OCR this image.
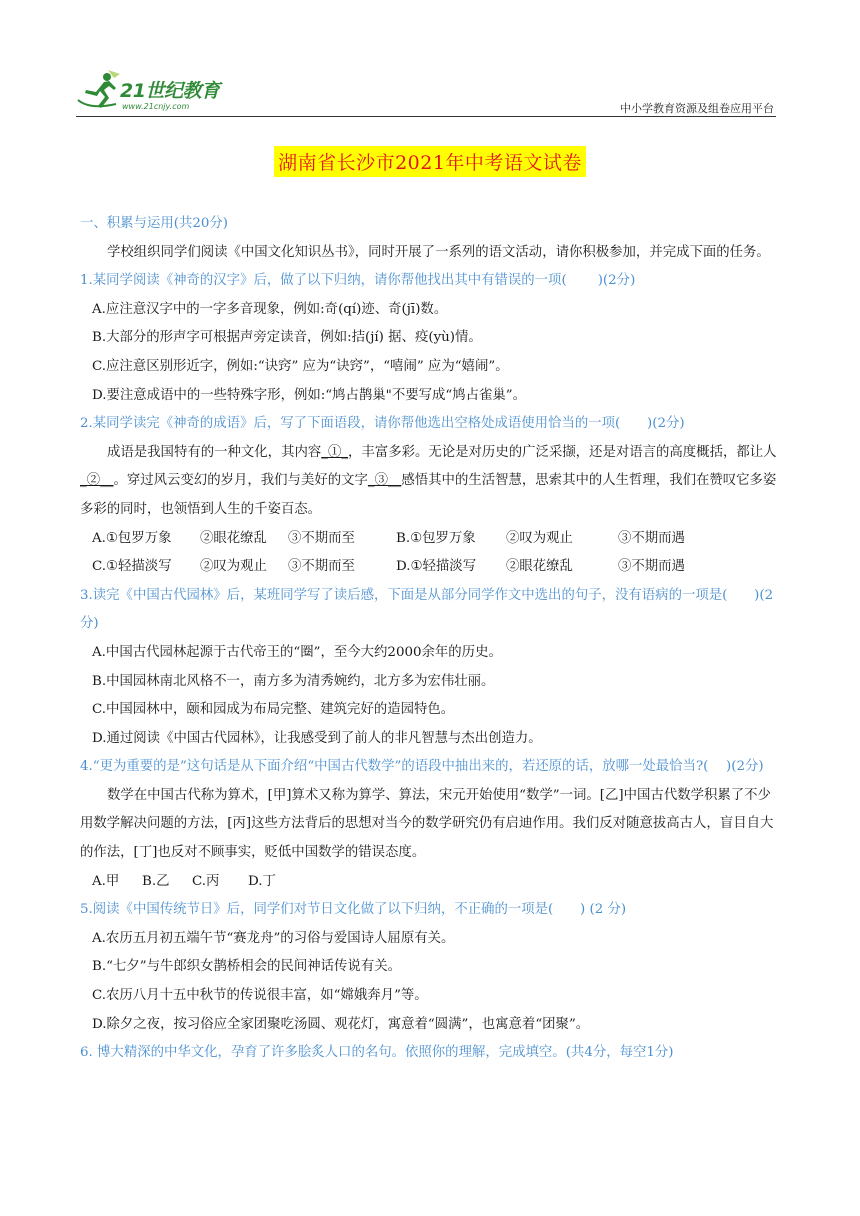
21世纪教育
www.21cnjy.com	中小学教育资源及组卷应用平台
湖南省长沙市2021年中考语文试卷

一、积累与运用(共20分)

学校组织同学们阅读《中国文化知识丛书》，同时开展了一系列的语文活动，请你积极参加，并完成下面的任务。

1.某同学阅读《神奇的汉字》后，做了以下归纳，请你帮他找出其中有错误的一项(　　 )(2分)

A.应注意汉字中的一字多音现象，例如:奇(qí)迹、奇(jī)数。

B.大部分的形声字可根据声旁定读音，例如:拮(jí) 据、疫(yù)情。

C.应注意区别形近字，例如:“诀窍” 应为“诀窍”，“嘻闹” 应为“嬉闹”。

D.要注意成语中的一些特殊字形，例如:“鸠占鹊巢"不要写成“鸠占雀巢”。

2.某同学读完《神奇的成语》后，写了下面语段，请你帮他选出空格处成语使用恰当的一项(　　)(2分)

成语是我国特有的一种文化，其内容_①_，丰富多彩。无论是对历史的广泛采撷，还是对语言的高度概括，都让人_②__。穿过风云变幻的岁月，我们与美好的文字_③__感悟其中的生活智慧，思索其中的人生哲理，我们在赞叹它多姿多彩的同时，也领悟到人生的千姿百态。

A.①包罗万象	②眼花缭乱	③不期而至	B.①包罗万象	②叹为观止	③不期而遇
C.①轻描淡写	②叹为观止	③不期而至	D.①轻描淡写	②眼花缭乱	③不期而遇

3.读完《中国古代园林》后，某班同学写了读后感，下面是从部分同学作文中选出的句子，没有语病的一项是(　　)(2分)

A.中国古代园林起源于古代帝王的“圈”，至今大约2000余年的历史。

B.中国园林南北风格不一，南方多为清秀婉约，北方多为宏伟壮丽。

C.中国园林中，颐和园成为布局完整、建筑完好的造园特色。

D.通过阅读《中国古代园林》，让我感受到了前人的非凡智慧与杰出创造力。

4.“更为重要的是”这句话是从下面介绍“中国古代数学”的语段中抽出来的，若还原的话，放哪一处最恰当?(　 )(2分)

数学在中国古代称为算术，[甲]算术又称为算学、算法，宋元开始使用“数学”一词。[乙]中国古代数学积累了不少用数学解决问题的方法，[丙]这些方法背后的思想对当今的数学研究仍有启迪作用。我们反对随意拔高古人，盲目自大的作法，[丁]也反对不顾事实，贬低中国数学的错误态度。

A.甲	B.乙	C.丙	D.丁

5.阅读《中国传统节日》后，同学们对节日文化做了以下归纳，不正确的一项是(　　) (2 分)

A.农历五月初五端午节“赛龙舟”的习俗与爱国诗人屈原有关。

B.“七夕”与牛郎织女鹊桥相会的民间神话传说有关。

C.农历八月十五中秋节的传说很丰富，如“嫦娥奔月”等。

D.除夕之夜，按习俗应全家团聚吃汤圆、观花灯，寓意着“圆满”，也寓意着“团聚”。

6. 博大精深的中华文化，孕育了许多脍炙人口的名句。依照你的理解，完成填空。(共4分，每空1分)
